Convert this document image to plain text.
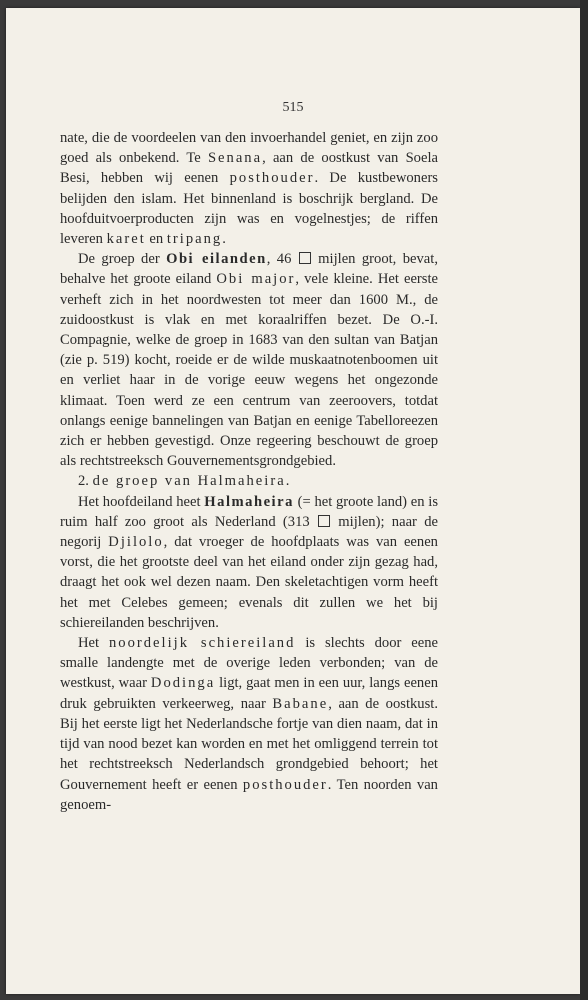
515

nate, die de voordeelen van den invoerhandel geniet, en zijn zoo goed als onbekend. Te Senana, aan de oostkust van Soela Besi, hebben wij eenen posthouder. De kustbewoners belijden den islam. Het binnenland is boschrijk bergland. De hoofduitvoerproducten zijn was en vogelnestjes; de riffen leveren karet en tripang.

De groep der Obi eilanden, 46  mijlen groot, bevat, behalve het groote eiland Obi major, vele kleine. Het eerste verheft zich in het noordwesten tot meer dan 1600 M., de zuidoostkust is vlak en met koraalriffen bezet. De O.-I. Compagnie, welke de groep in 1683 van den sultan van Batjan (zie p. 519) kocht, roeide er de wilde muskaatnotenboomen uit en verliet haar in de vorige eeuw wegens het ongezonde klimaat. Toen werd ze een centrum van zeeroovers, totdat onlangs eenige bannelingen van Batjan en eenige Tabelloreezen zich er hebben gevestigd. Onze regeering beschouwt de groep als rechtstreeksch Gouvernementsgrondgebied.

2. de groep van Halmaheira.

Het hoofdeiland heet Halmaheira (= het groote land) en is ruim half zoo groot als Nederland (313  mijlen); naar de negorij Djilolo, dat vroeger de hoofdplaats was van eenen vorst, die het grootste deel van het eiland onder zijn gezag had, draagt het ook wel dezen naam. Den skeletachtigen vorm heeft het met Celebes gemeen; evenals dit zullen we het bij schiereilanden beschrijven.

Het noordelijk schiereiland is slechts door eene smalle landengte met de overige leden verbonden; van de westkust, waar Dodinga ligt, gaat men in een uur, langs eenen druk gebruikten verkeerweg, naar Babane, aan de oostkust. Bij het eerste ligt het Nederlandsche fortje van dien naam, dat in tijd van nood bezet kan worden en met het omliggend terrein tot het rechtstreeksch Nederlandsch grondgebied behoort; het Gouvernement heeft er eenen posthouder. Ten noorden van genoem-
